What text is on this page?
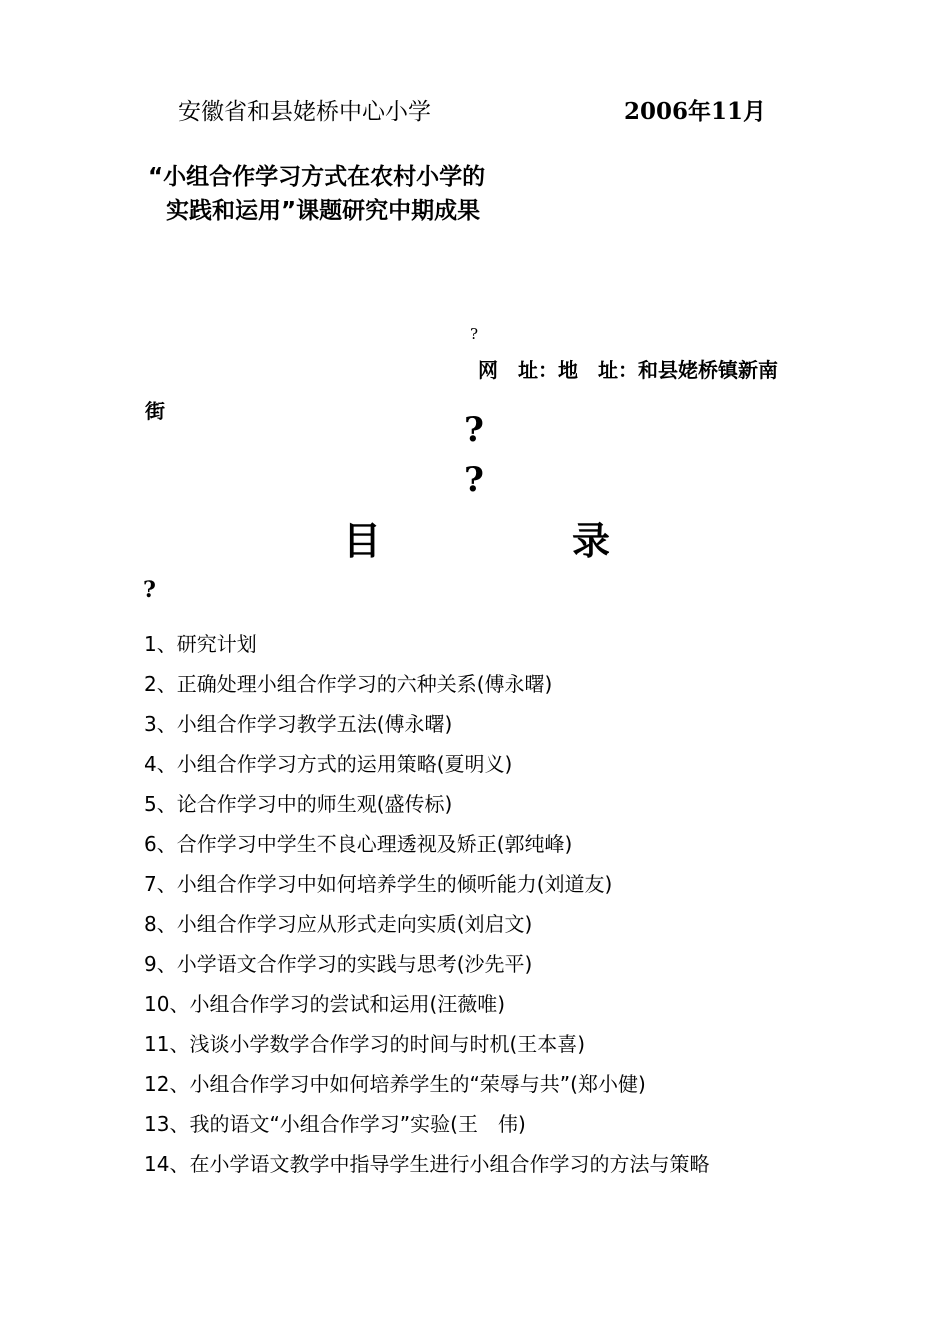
安徽省和县姥桥中心小学	2006年11月
“小组合作学习方式在农村小学的
实践和运用”课题研究中期成果
?
网　址：地　址：和县姥桥镇新南
街	?
?
目	录
?
1、研究计划
2、正确处理小组合作学习的六种关系(傅永曙)
3、小组合作学习教学五法(傅永曙)
4、小组合作学习方式的运用策略(夏明义)
5、论合作学习中的师生观(盛传标)
6、合作学习中学生不良心理透视及矫正(郭纯峰)
7、小组合作学习中如何培养学生的倾听能力(刘道友)
8、小组合作学习应从形式走向实质(刘启文)
9、小学语文合作学习的实践与思考(沙先平)
10、小组合作学习的尝试和运用(汪薇唯)
11、浅谈小学数学合作学习的时间与时机(王本喜)
12、小组合作学习中如何培养学生的“荣辱与共”(郑小健)
13、我的语文“小组合作学习”实验(王　伟)
14、在小学语文教学中指导学生进行小组合作学习的方法与策略
